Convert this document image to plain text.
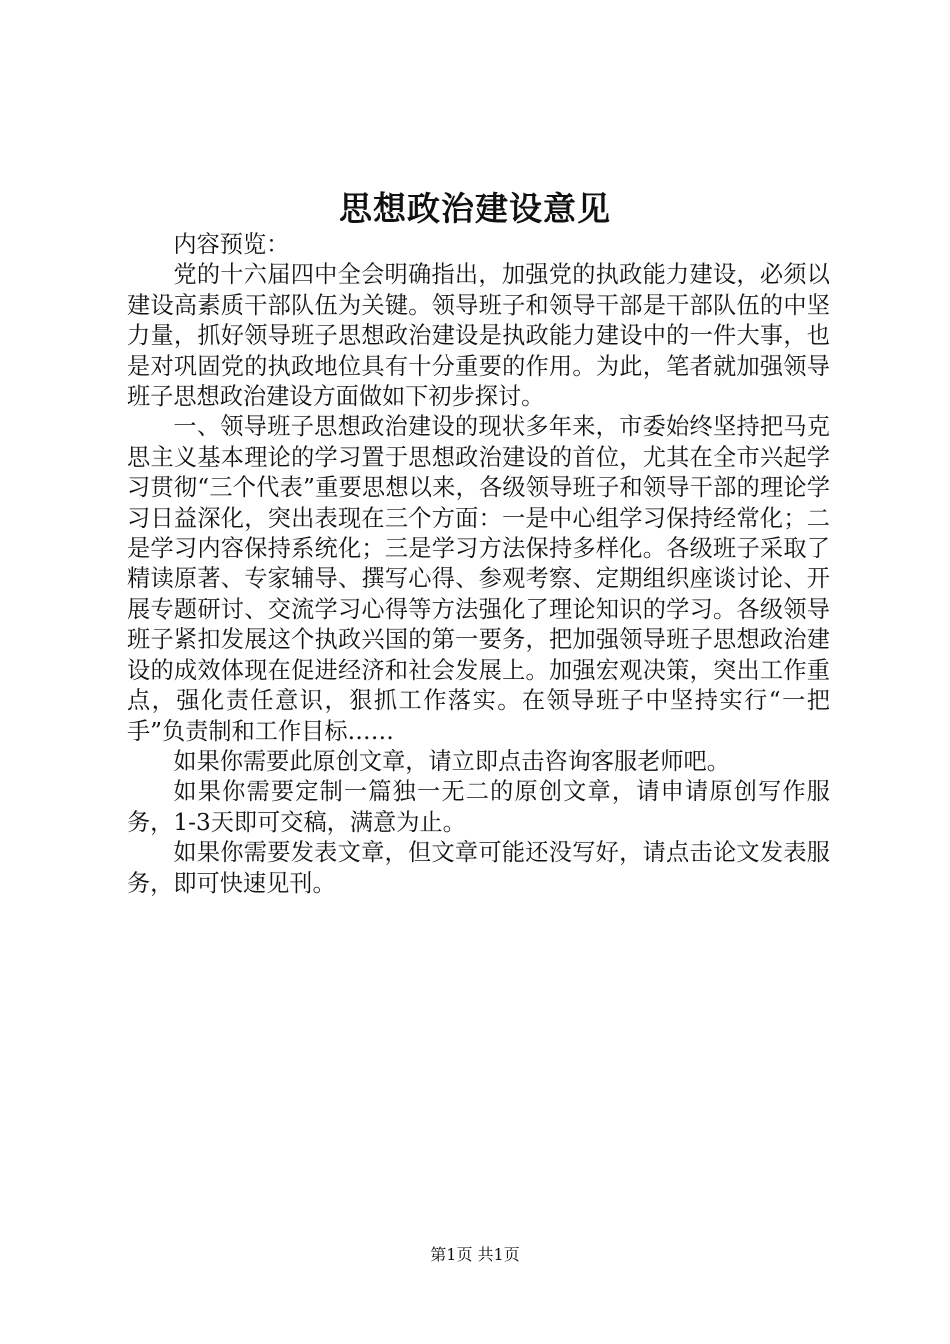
思想政治建设意见

内容预览：

党的十六届四中全会明确指出，加强党的执政能力建设，必须以建设高素质干部队伍为关键。领导班子和领导干部是干部队伍的中坚力量，抓好领导班子思想政治建设是执政能力建设中的一件大事，也是对巩固党的执政地位具有十分重要的作用。为此，笔者就加强领导班子思想政治建设方面做如下初步探讨。

一、领导班子思想政治建设的现状多年来，市委始终坚持把马克思主义基本理论的学习置于思想政治建设的首位，尤其在全市兴起学习贯彻“三个代表”重要思想以来，各级领导班子和领导干部的理论学习日益深化，突出表现在三个方面：一是中心组学习保持经常化；二是学习内容保持系统化；三是学习方法保持多样化。各级班子采取了精读原著、专家辅导、撰写心得、参观考察、定期组织座谈讨论、开展专题研讨、交流学习心得等方法强化了理论知识的学习。各级领导班子紧扣发展这个执政兴国的第一要务，把加强领导班子思想政治建设的成效体现在促进经济和社会发展上。加强宏观决策，突出工作重点，强化责任意识，狠抓工作落实。在领导班子中坚持实行“一把手”负责制和工作目标……

如果你需要此原创文章，请立即点击咨询客服老师吧。

如果你需要定制一篇独一无二的原创文章，请申请原创写作服务，1-3天即可交稿，满意为止。

如果你需要发表文章，但文章可能还没写好，请点击论文发表服务，即可快速见刊。

第1页 共1页
